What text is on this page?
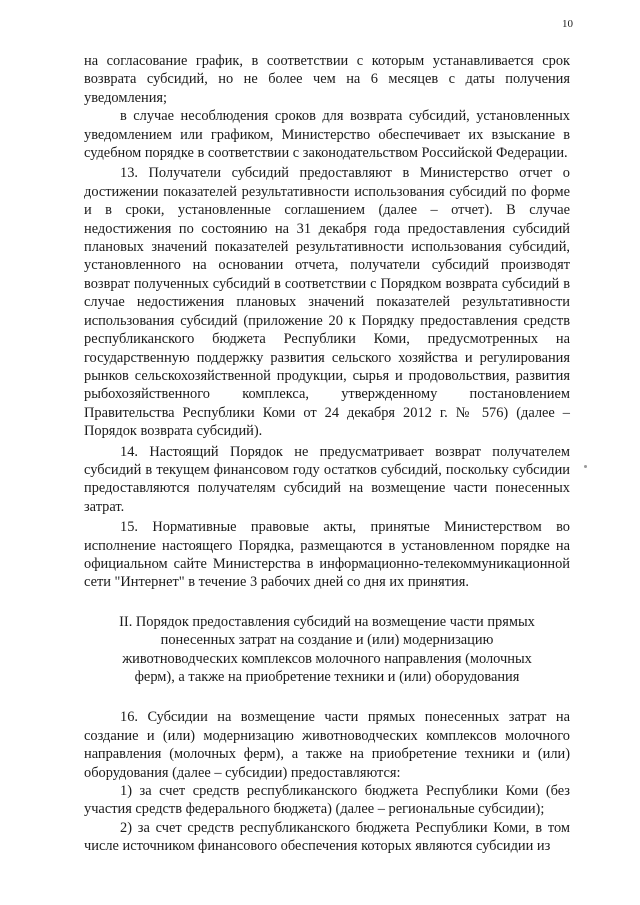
10

на согласование график, в соответствии с которым устанавливается срок возврата субсидий, но не более чем на 6 месяцев с даты получения уведомления;

в случае несоблюдения сроков для возврата субсидий, установленных уведомлением или графиком, Министерство обеспечивает их взыскание в судебном порядке в соответствии с законодательством Российской Федерации.

13. Получатели субсидий предоставляют в Министерство отчет о достижении показателей результативности использования субсидий по форме и в сроки, установленные соглашением (далее – отчет). В случае недостижения по состоянию на 31 декабря года предоставления субсидий плановых значений показателей результативности использования субсидий, установленного на основании отчета, получатели субсидий производят возврат полученных субсидий в соответствии с Порядком возврата субсидий в случае недостижения плановых значений показателей результативности использования субсидий (приложение 20 к Порядку предоставления средств республиканского бюджета Республики Коми, предусмотренных на государственную поддержку развития сельского хозяйства и регулирования рынков сельскохозяйственной продукции, сырья и продовольствия, развития рыбохозяйственного комплекса, утвержденному постановлением Правительства Республики Коми от 24 декабря 2012 г. № 576) (далее – Порядок возврата субсидий).

14. Настоящий Порядок не предусматривает возврат получателем субсидий в текущем финансовом году остатков субсидий, поскольку субсидии предоставляются получателям субсидий на возмещение части понесенных затрат.

15. Нормативные правовые акты, принятые Министерством во исполнение настоящего Порядка, размещаются в установленном порядке на официальном сайте Министерства в информационно-телекоммуникационной сети "Интернет" в течение 3 рабочих дней со дня их принятия.

II. Порядок предоставления субсидий на возмещение части прямых понесенных затрат на создание и (или) модернизацию животноводческих комплексов молочного направления (молочных ферм), а также на приобретение техники и (или) оборудования

16. Субсидии на возмещение части прямых понесенных затрат на создание и (или) модернизацию животноводческих комплексов молочного направления (молочных ферм), а также на приобретение техники и (или) оборудования (далее – субсидии) предоставляются:

1) за счет средств республиканского бюджета Республики Коми (без участия средств федерального бюджета) (далее – региональные субсидии);

2) за счет средств республиканского бюджета Республики Коми, в том числе источником финансового обеспечения которых являются субсидии из
